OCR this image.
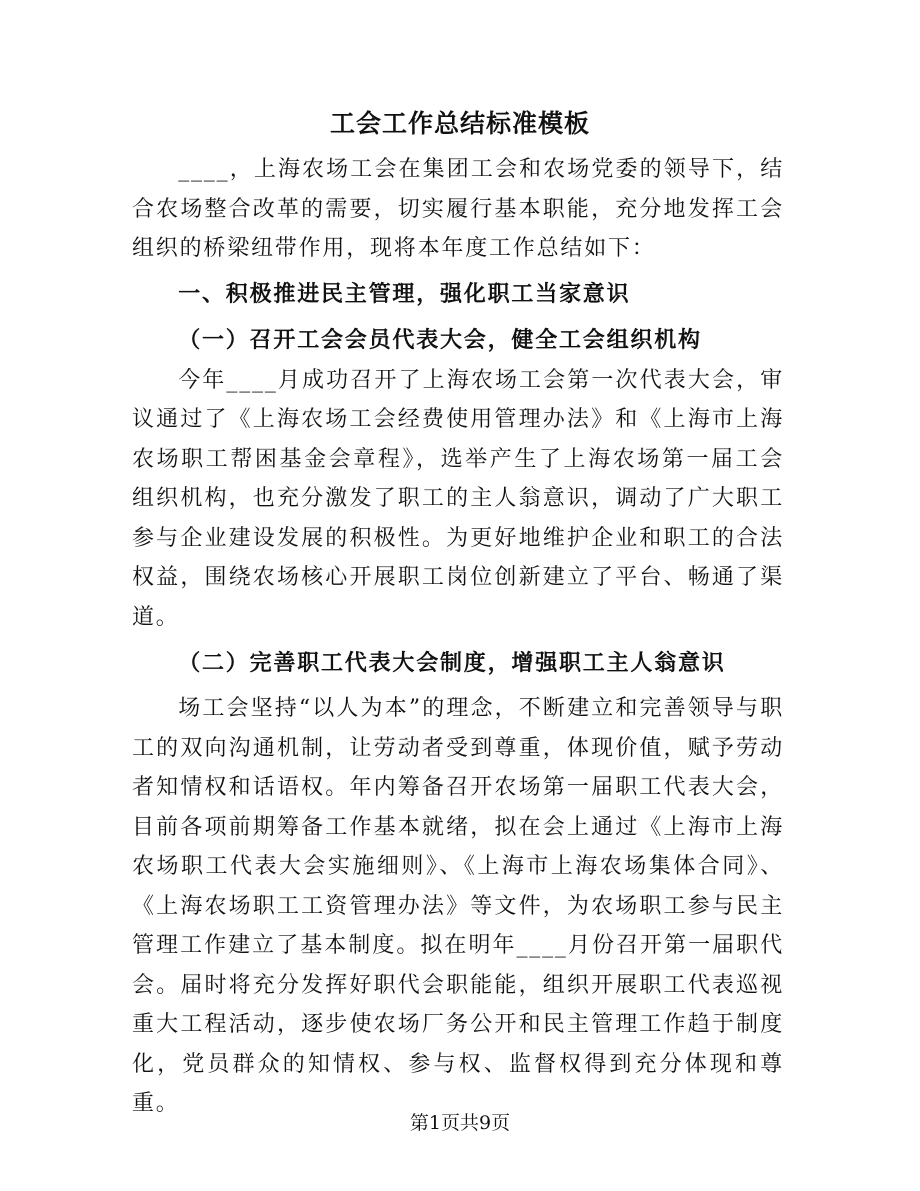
工会工作总结标准模板

____，上海农场工会在集团工会和农场党委的领导下，结合农场整合改革的需要，切实履行基本职能，充分地发挥工会组织的桥梁纽带作用，现将本年度工作总结如下：

一、积极推进民主管理，强化职工当家意识

（一）召开工会会员代表大会，健全工会组织机构

今年____月成功召开了上海农场工会第一次代表大会，审议通过了《上海农场工会经费使用管理办法》和《上海市上海农场职工帮困基金会章程》，选举产生了上海农场第一届工会组织机构，也充分激发了职工的主人翁意识，调动了广大职工参与企业建设发展的积极性。为更好地维护企业和职工的合法权益，围绕农场核心开展职工岗位创新建立了平台、畅通了渠道。

（二）完善职工代表大会制度，增强职工主人翁意识

场工会坚持“以人为本”的理念，不断建立和完善领导与职工的双向沟通机制，让劳动者受到尊重，体现价值，赋予劳动者知情权和话语权。年内筹备召开农场第一届职工代表大会，目前各项前期筹备工作基本就绪，拟在会上通过《上海市上海农场职工代表大会实施细则》、《上海市上海农场集体合同》、《上海农场职工工资管理办法》等文件，为农场职工参与民主管理工作建立了基本制度。拟在明年____月份召开第一届职代会。届时将充分发挥好职代会职能能，组织开展职工代表巡视重大工程活动，逐步使农场厂务公开和民主管理工作趋于制度化，党员群众的知情权、参与权、监督权得到充分体现和尊重。

第1页共9页
